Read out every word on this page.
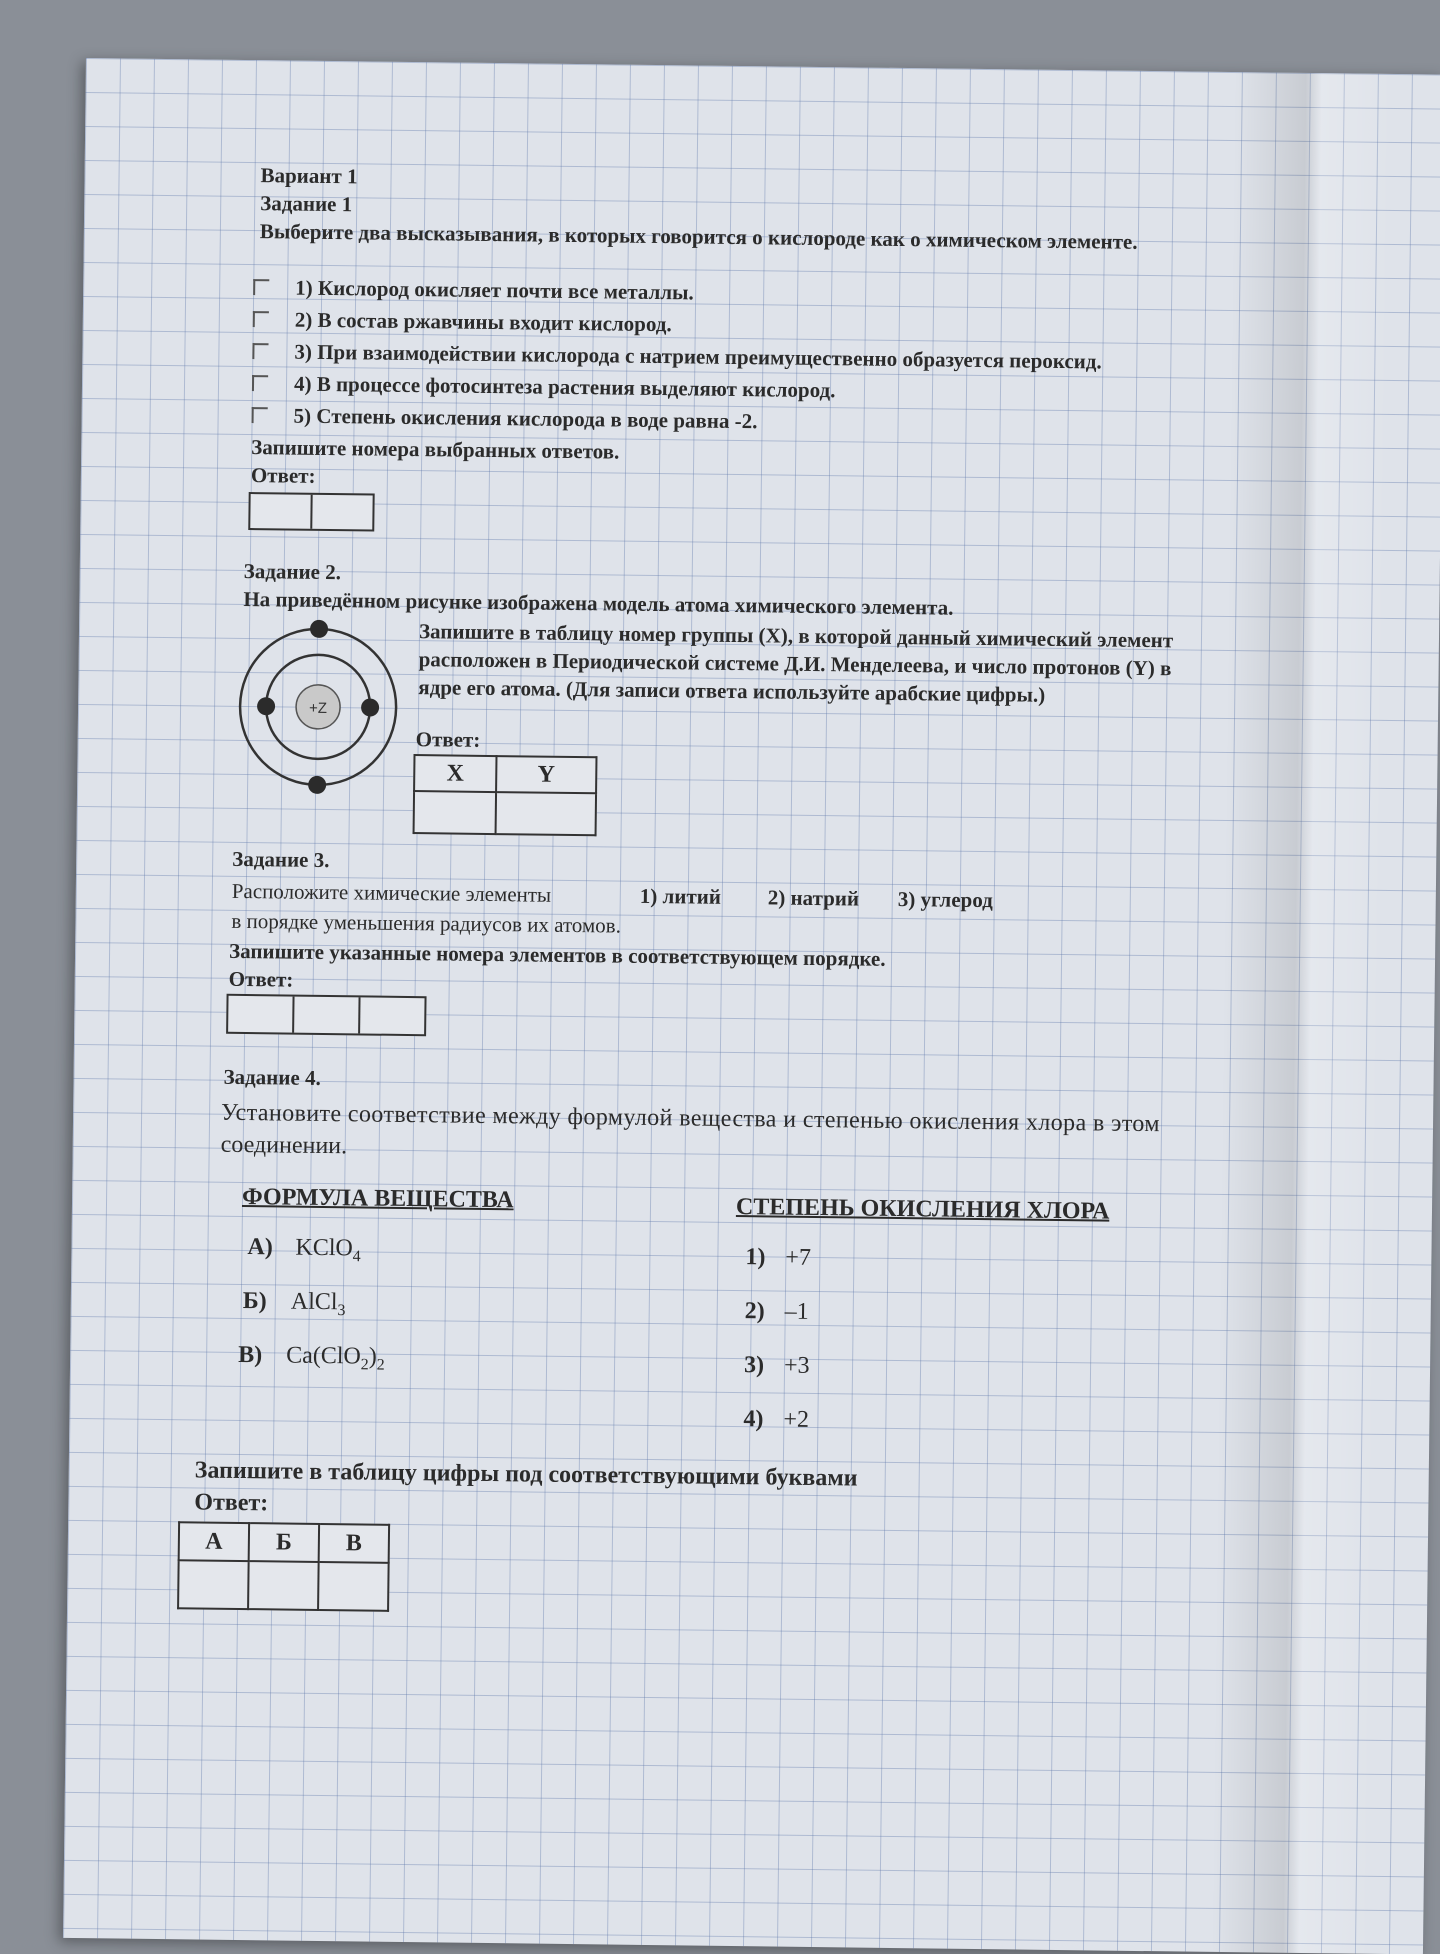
Вариант 1
Задание 1
Выберите два высказывания, в которых говорится о кислороде как о химическом элементе.
1) Кислород окисляет почти все металлы.
2) В состав ржавчины входит кислород.
3) При взаимодействии кислорода с натрием преимущественно образуется пероксид.
4) В процессе фотосинтеза растения выделяют кислород.
5) Степень окисления кислорода в воде равна -2.
Запишите номера выбранных ответов.
Ответ:
Задание 2.
На приведённом рисунке изображена модель атома химического элемента.
+Z
Запишите в таблицу номер группы (X), в которой данный химический элемент
расположен в Периодической системе Д.И. Менделеева, и число протонов (Y) в
ядре его атома. (Для записи ответа используйте арабские цифры.)
Ответ:
X	Y

Задание 3.
Расположите химические элементы	1) литий 2) натрий 3) углерод
в порядке уменьшения радиусов их атомов.
Запишите указанные номера элементов в соответствующем порядке.
Ответ:
Задание 4.
Установите соответствие между формулой вещества и степенью окисления хлора в этом
соединении.
ФОРМУЛА ВЕЩЕСТВА	СТЕПЕНЬ ОКИСЛЕНИЯ ХЛОРА
А) KClO$_4$
Б) AlCl$_3$
В) $Ca(ClO_2)_2$
1) +7
2) –1
3) +3
4) +2
Запишите в таблицу цифры под соответствующими буквами
Ответ:
А	Б	В
